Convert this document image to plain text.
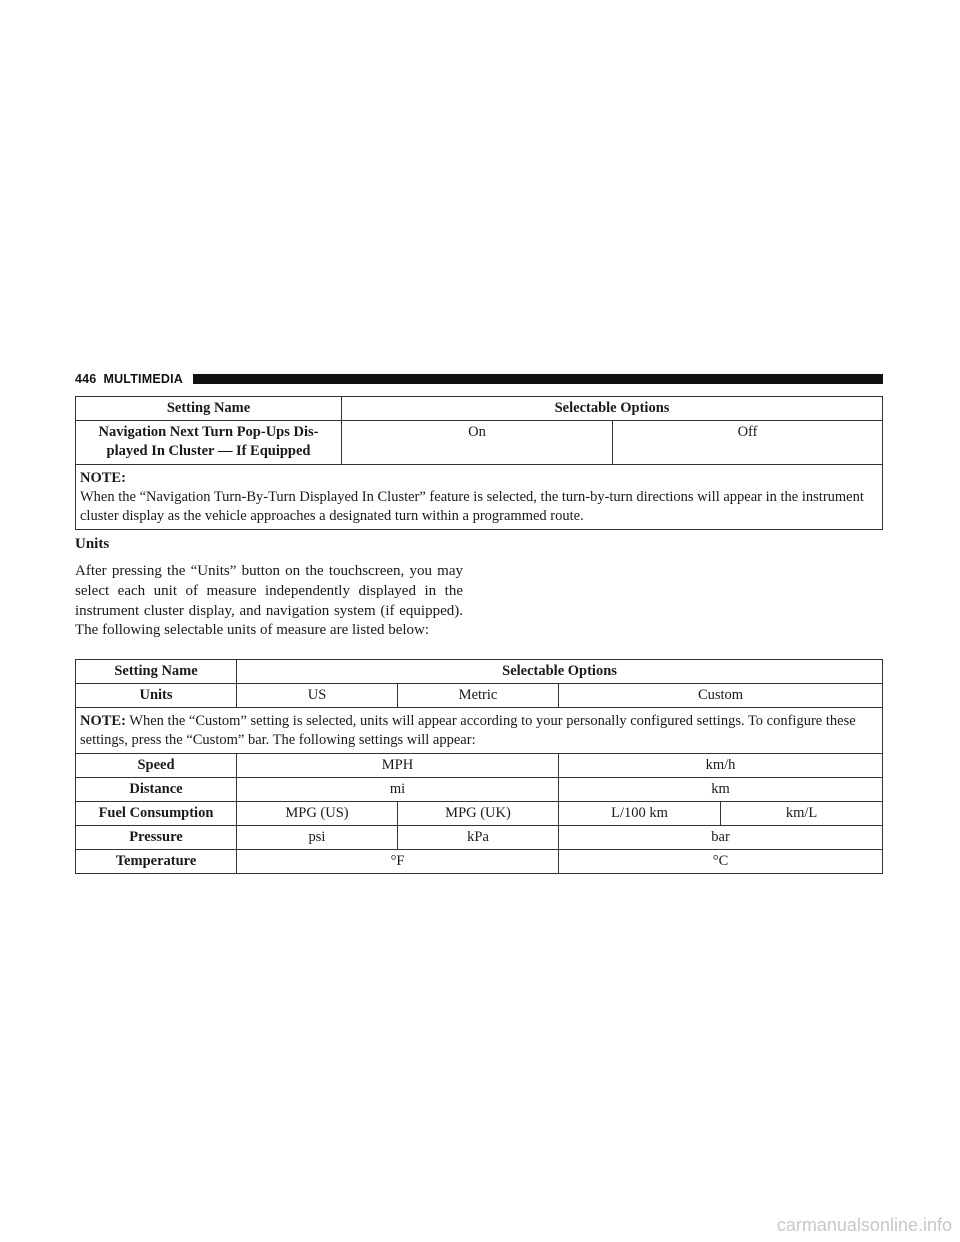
446 MULTIMEDIA
Setting Name	Selectable Options	
Navigation Next Turn Pop-Ups Dis-played In Cluster — If Equipped	On	Off

NOTE:
When the “Navigation Turn-By-Turn Displayed In Cluster” feature is selected, the turn-by-turn directions will appear in the instrument cluster display as the vehicle approaches a designated turn within a programmed route.		
Units

After pressing the “Units” button on the touchscreen, you may select each unit of measure independently displayed in the instrument cluster display, and navigation system (if equipped). The following selectable units of measure are listed below:

Setting Name	Selectable Options			
Units	US	Metric	Custom	
NOTE: When the “Custom” setting is selected, units will appear according to your personally configured settings. To configure these settings, press the “Custom” bar. The following settings will appear:				
Speed	MPH		km/h	
Distance	mi		km	
Fuel Consumption	MPG (US)	MPG (UK)	L/100 km	km/L
Pressure	psi	kPa	bar	
Temperature	°F		°C	
carmanualsonline.info
